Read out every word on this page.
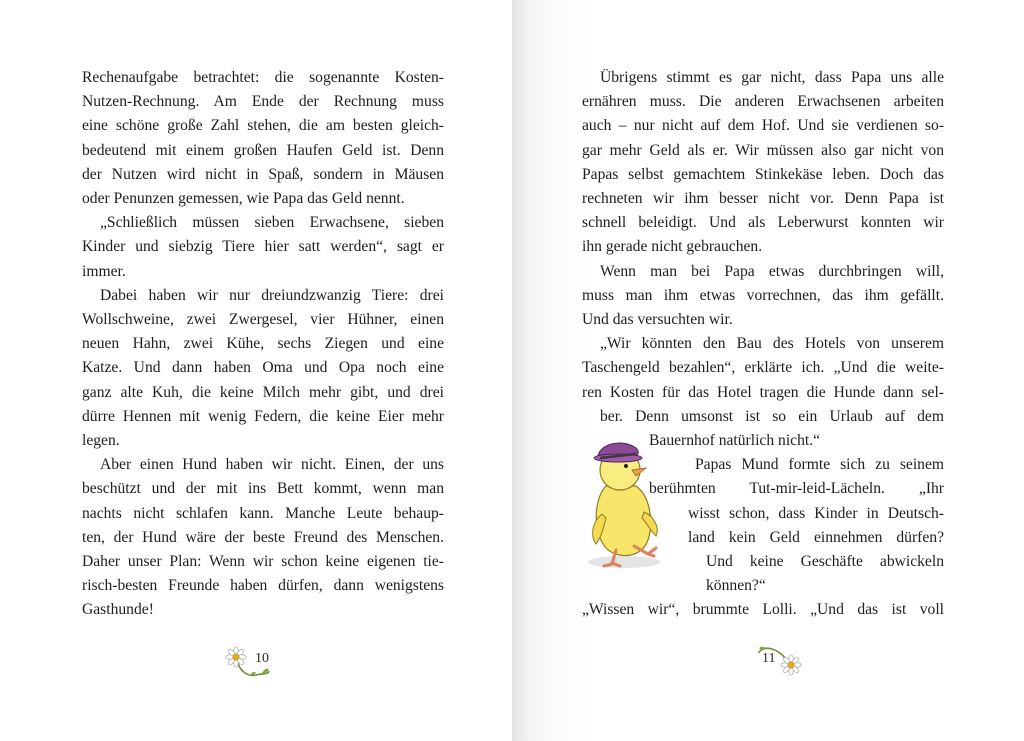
Rechenaufgabe betrachtet: die sogenannte Kosten-

Nutzen-Rechnung. Am Ende der Rechnung muss

eine schöne große Zahl stehen, die am besten gleich-

bedeutend mit einem großen Haufen Geld ist. Denn

der Nutzen wird nicht in Spaß, sondern in Mäusen

oder Penunzen gemessen, wie Papa das Geld nennt.

„Schließlich müssen sieben Erwachsene, sieben

Kinder und siebzig Tiere hier satt werden“, sagt er

immer.

Dabei haben wir nur dreiundzwanzig Tiere: drei

Wollschweine, zwei Zwergesel, vier Hühner, einen

neuen Hahn, zwei Kühe, sechs Ziegen und eine

Katze. Und dann haben Oma und Opa noch eine

ganz alte Kuh, die keine Milch mehr gibt, und drei

dürre Hennen mit wenig Federn, die keine Eier mehr

legen.

Aber einen Hund haben wir nicht. Einen, der uns

beschützt und der mit ins Bett kommt, wenn man

nachts nicht schlafen kann. Manche Leute behaup-

ten, der Hund wäre der beste Freund des Menschen.

Daher unser Plan: Wenn wir schon keine eigenen tie-

risch-besten Freunde haben dürfen, dann wenigstens

Gasthunde!

10

Übrigens stimmt es gar nicht, dass Papa uns alle

ernähren muss. Die anderen Erwachsenen arbeiten

auch – nur nicht auf dem Hof. Und sie verdienen so-

gar mehr Geld als er. Wir müssen also gar nicht von

Papas selbst gemachtem Stinkekäse leben. Doch das

rechneten wir ihm besser nicht vor. Denn Papa ist

schnell beleidigt. Und als Leberwurst konnten wir

ihn gerade nicht gebrauchen.

Wenn man bei Papa etwas durchbringen will,

muss man ihm etwas vorrechnen, das ihm gefällt.

Und das versuchten wir.

„Wir könnten den Bau des Hotels von unserem

Taschengeld bezahlen“, erklärte ich. „Und die weite-

ren Kosten für das Hotel tragen die Hunde dann sel-

ber. Denn umsonst ist so ein Urlaub auf dem

Bauernhof natürlich nicht.“

Papas Mund formte sich zu seinem

berühmten Tut-mir-leid-Lächeln. „Ihr

wisst schon, dass Kinder in Deutsch-

land kein Geld einnehmen dürfen?

Und keine Geschäfte abwickeln

können?“

„Wissen wir“, brummte Lolli. „Und das ist voll

11
